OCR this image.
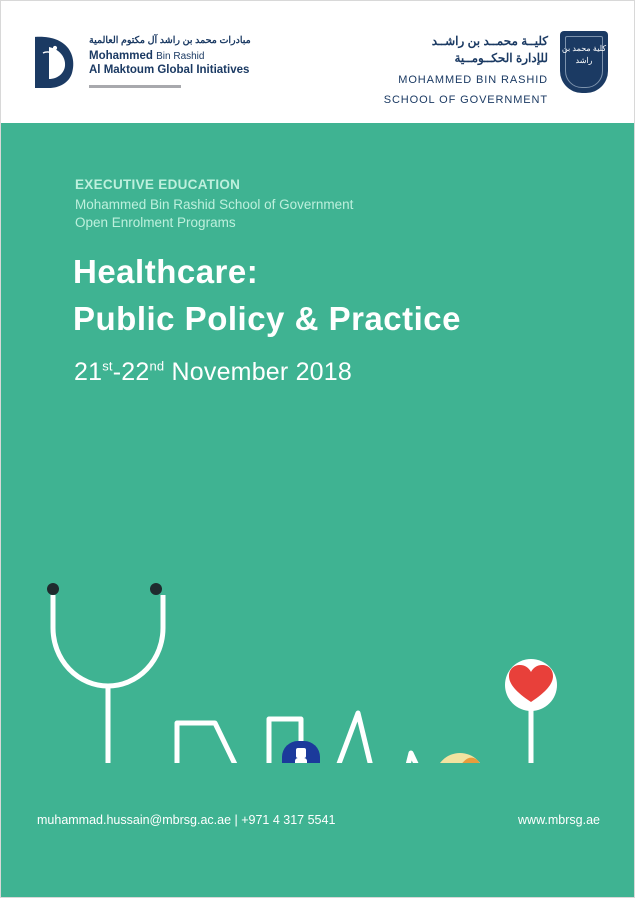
مبادرات محمد بن راشد آل مكتوم العالمية
Mohammed Bin Rashid
Al Maktoum Global Initiatives
كليــة محمــد بن راشــد
للإدارة الحكــومــية
MOHAMMED BIN RASHID
SCHOOL OF GOVERNMENT
كلية محمد بن راشد
EXECUTIVE EDUCATION
Mohammed Bin Rashid School of Government
Open Enrolment Programs
Healthcare:
Public Policy & Practice
21st-22nd November 2018
muhammad.hussain@mbrsg.ac.ae | +971 4 317 5541	www.mbrsg.ae
